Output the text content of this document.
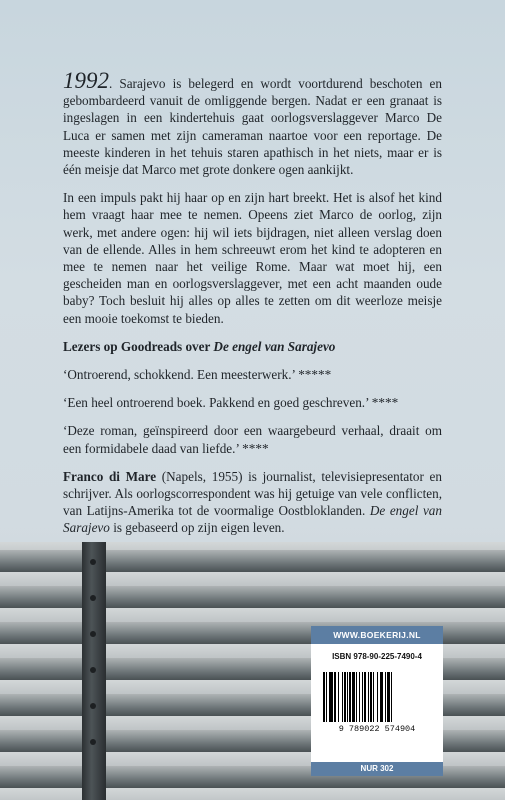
1992. Sarajevo is belegerd en wordt voortdurend beschoten en gebombardeerd vanuit de omliggende bergen. Nadat er een granaat is ingeslagen in een kindertehuis gaat oorlogsverslaggever Marco De Luca er samen met zijn cameraman naartoe voor een reportage. De meeste kinderen in het tehuis staren apathisch in het niets, maar er is één meisje dat Marco met grote donkere ogen aankijkt.

In een impuls pakt hij haar op en zijn hart breekt. Het is alsof het kind hem vraagt haar mee te nemen. Opeens ziet Marco de oorlog, zijn werk, met andere ogen: hij wil iets bijdragen, niet alleen verslag doen van de ellende. Alles in hem schreeuwt erom het kind te adopteren en mee te nemen naar het veilige Rome. Maar wat moet hij, een gescheiden man en oorlogsverslaggever, met een acht maanden oude baby? Toch besluit hij alles op alles te zetten om dit weerloze meisje een mooie toekomst te bieden.

Lezers op Goodreads over De engel van Sarajevo

‘Ontroerend, schokkend. Een meesterwerk.’ *****

‘Een heel ontroerend boek. Pakkend en goed geschreven.’ ****

‘Deze roman, geïnspireerd door een waargebeurd verhaal, draait om een formidabele daad van liefde.’ ****

Franco di Mare (Napels, 1955) is journalist, televisiepresentator en schrijver. Als oorlogscorrespondent was hij getuige van vele conflicten, van Latijns-Amerika tot de voormalige Oostbloklanden. De engel van Sarajevo is gebaseerd op zijn eigen leven.

WWW.BOEKERIJ.NL
ISBN 978-90-225-7490-4
9 789022 574904
NUR 302
